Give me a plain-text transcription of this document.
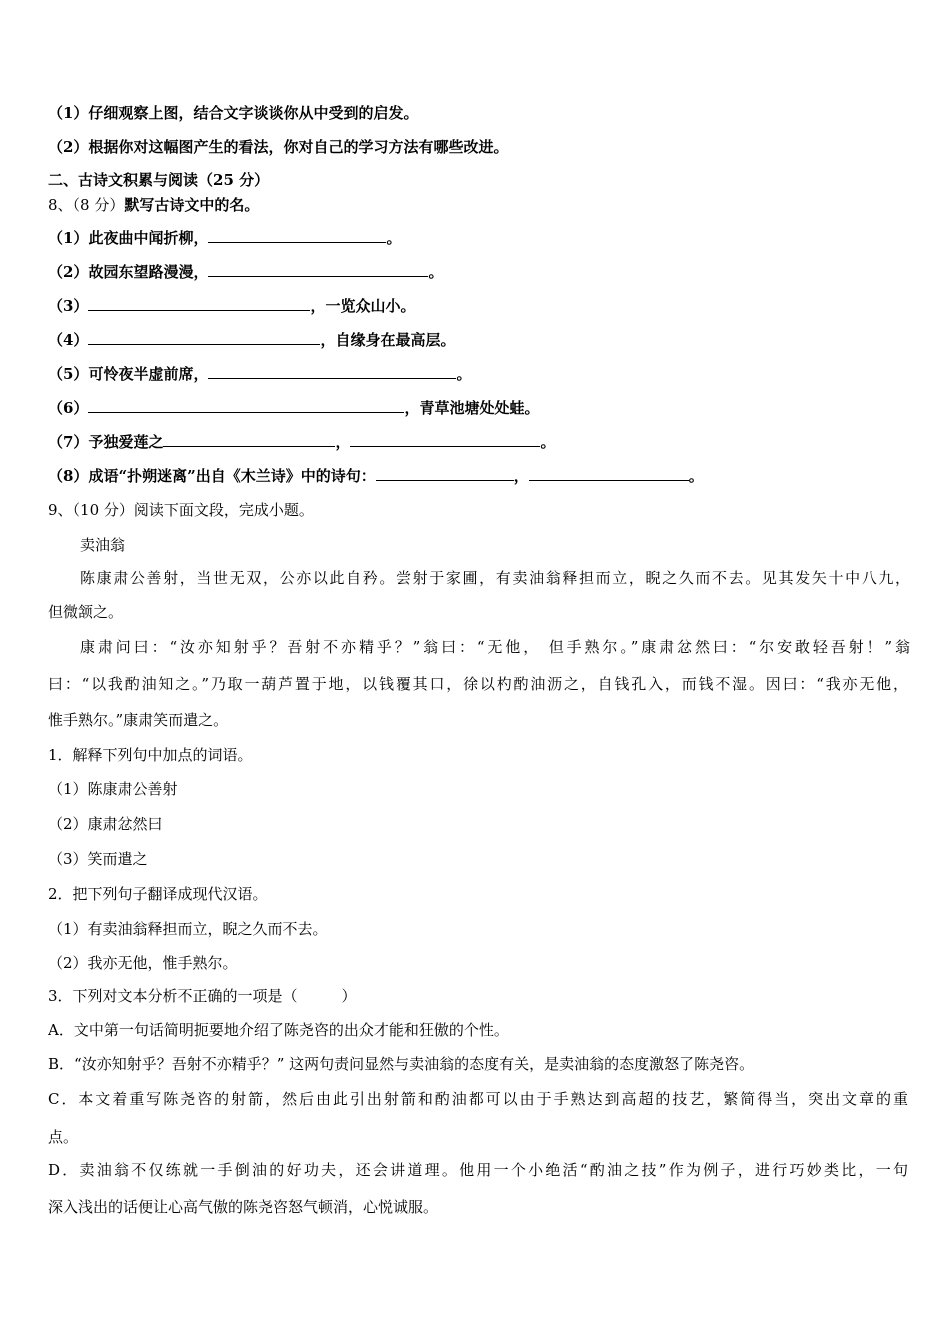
（1）仔细观察上图，结合文字谈谈你从中受到的启发。
（2）根据你对这幅图产生的看法，你对自己的学习方法有哪些改进。
二、古诗文积累与阅读（25 分）
8、（8 分）默写古诗文中的名。
（1）此夜曲中闻折柳，	。
（2）故园东望路漫漫，	。
（3）	，一览众山小。
（4）	，自缘身在最高层。
（5）可怜夜半虚前席，	。
（6）	，青草池塘处处蛙。
（7）予独爱莲之	，	。
（8）成语“扑朔迷离”出自《木兰诗》中的诗句：	，	。
9、（10 分）阅读下面文段，完成小题。
卖油翁
陈康肃公善射，当世无双，公亦以此自矜。尝射于家圃，有卖油翁释担而立，睨之久而不去。见其发矢十中八九，
但微颔之。
康肃问曰：“汝亦知射乎？吾射不亦精乎？”翁曰：“无他， 但手熟尔。”康肃忿然曰：“尔安敢轻吾射！”翁
曰：“以我酌油知之。”乃取一葫芦置于地，以钱覆其口，徐以杓酌油沥之，自钱孔入，而钱不湿。因曰：“我亦无他，
惟手熟尔。”康肃笑而遣之。
1．解释下列句中加点的词语。
（1）陈康肃公善射
（2）康肃忿然曰
（3）笑而遣之
2．把下列句子翻译成现代汉语。
（1）有卖油翁释担而立，睨之久而不去。
（2）我亦无他，惟手熟尔。
3．下列对文本分析不正确的一项是（	）
A．文中第一句话简明扼要地介绍了陈尧咨的出众才能和狂傲的个性。
B．“汝亦知射乎？吾射不亦精乎？” 这两句责问显然与卖油翁的态度有关，是卖油翁的态度激怒了陈尧咨。
C．本文着重写陈尧咨的射箭，然后由此引出射箭和酌油都可以由于手熟达到高超的技艺，繁简得当，突出文章的重
点。
D．卖油翁不仅练就一手倒油的好功夫，还会讲道理。他用一个小绝活“酌油之技”作为例子，进行巧妙类比，一句
深入浅出的话便让心高气傲的陈尧咨怒气顿消，心悦诚服。
